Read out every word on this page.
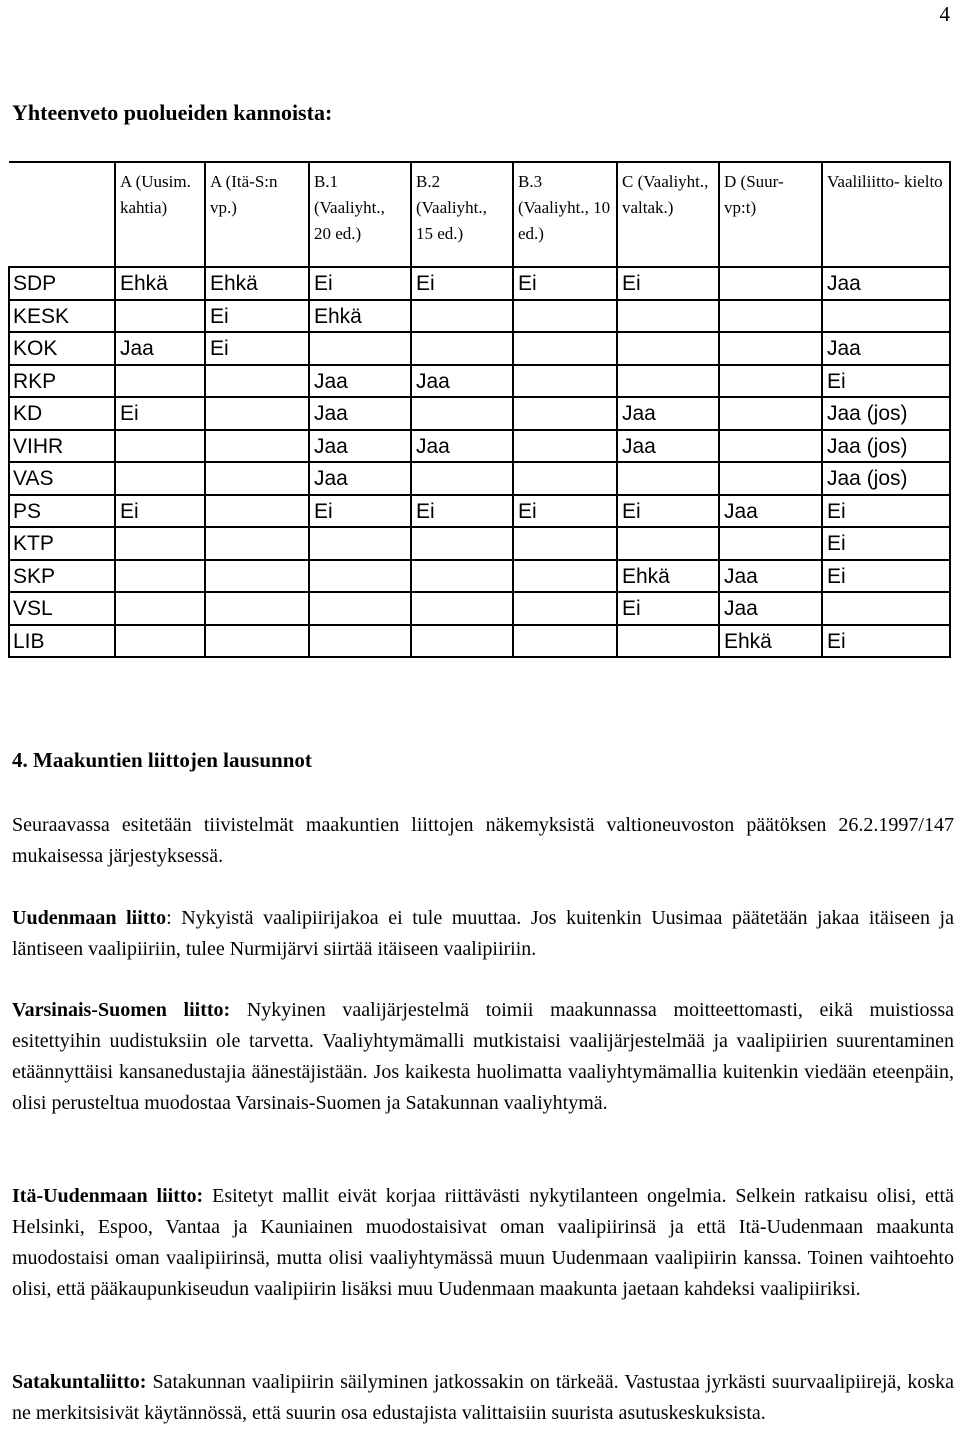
4
Yhteenveto puolueiden kannoista:
	A (Uusim. kahtia)	A (Itä-S:n vp.)	B.1 (Vaaliyht., 20 ed.)	B.2 (Vaaliyht., 15 ed.)	B.3 (Vaaliyht., 10 ed.)	C (Vaaliyht., valtak.)	D (Suur- vp:t)	Vaaliliitto- kielto
SDP	Ehkä	Ehkä	Ei	Ei	Ei	Ei		Jaa
KESK		Ei	Ehkä					
KOK	Jaa	Ei						Jaa
RKP			Jaa	Jaa				Ei
KD	Ei		Jaa			Jaa		Jaa (jos)
VIHR			Jaa	Jaa		Jaa		Jaa (jos)
VAS			Jaa					Jaa (jos)
PS	Ei		Ei	Ei	Ei	Ei	Jaa	Ei
KTP								Ei
SKP						Ehkä	Jaa	Ei
VSL						Ei	Jaa	
LIB							Ehkä	Ei
4. Maakuntien liittojen lausunnot

Seuraavassa esitetään tiivistelmät maakuntien liittojen näkemyksistä valtioneuvoston päätöksen 26.2.1997/147 mukaisessa järjestyksessä.

Uudenmaan liitto: Nykyistä vaalipiirijakoa ei tule muuttaa. Jos kuitenkin Uusimaa päätetään jakaa itäiseen ja läntiseen vaalipiiriin, tulee Nurmijärvi siirtää itäiseen vaalipiiriin.

Varsinais-Suomen liitto: Nykyinen vaalijärjestelmä toimii maakunnassa moitteettomasti, eikä muistiossa esitettyihin uudistuksiin ole tarvetta. Vaaliyhtymämalli mutkistaisi vaalijärjestelmää ja vaalipiirien suurentaminen etäännyttäisi kansanedustajia äänestäjistään. Jos kaikesta huolimatta vaaliyhtymämallia kuitenkin viedään eteenpäin, olisi perusteltua muodostaa Varsinais-Suomen ja Satakunnan vaaliyhtymä.

Itä-Uudenmaan liitto: Esitetyt mallit eivät korjaa riittävästi nykytilanteen ongelmia. Selkein ratkaisu olisi, että Helsinki, Espoo, Vantaa ja Kauniainen muodostaisivat oman vaalipiirinsä ja että Itä-Uudenmaan maakunta muodostaisi oman vaalipiirinsä, mutta olisi vaaliyhtymässä muun Uudenmaan vaalipiirin kanssa. Toinen vaihtoehto olisi, että pääkaupunkiseudun vaalipiirin lisäksi muu Uudenmaan maakunta jaetaan kahdeksi vaalipiiriksi.

Satakuntaliitto: Satakunnan vaalipiirin säilyminen jatkossakin on tärkeää. Vastustaa jyrkästi suurvaalipiirejä, koska ne merkitsisivät käytännössä, että suurin osa edustajista valittaisiin suurista asutuskeskuksista.
